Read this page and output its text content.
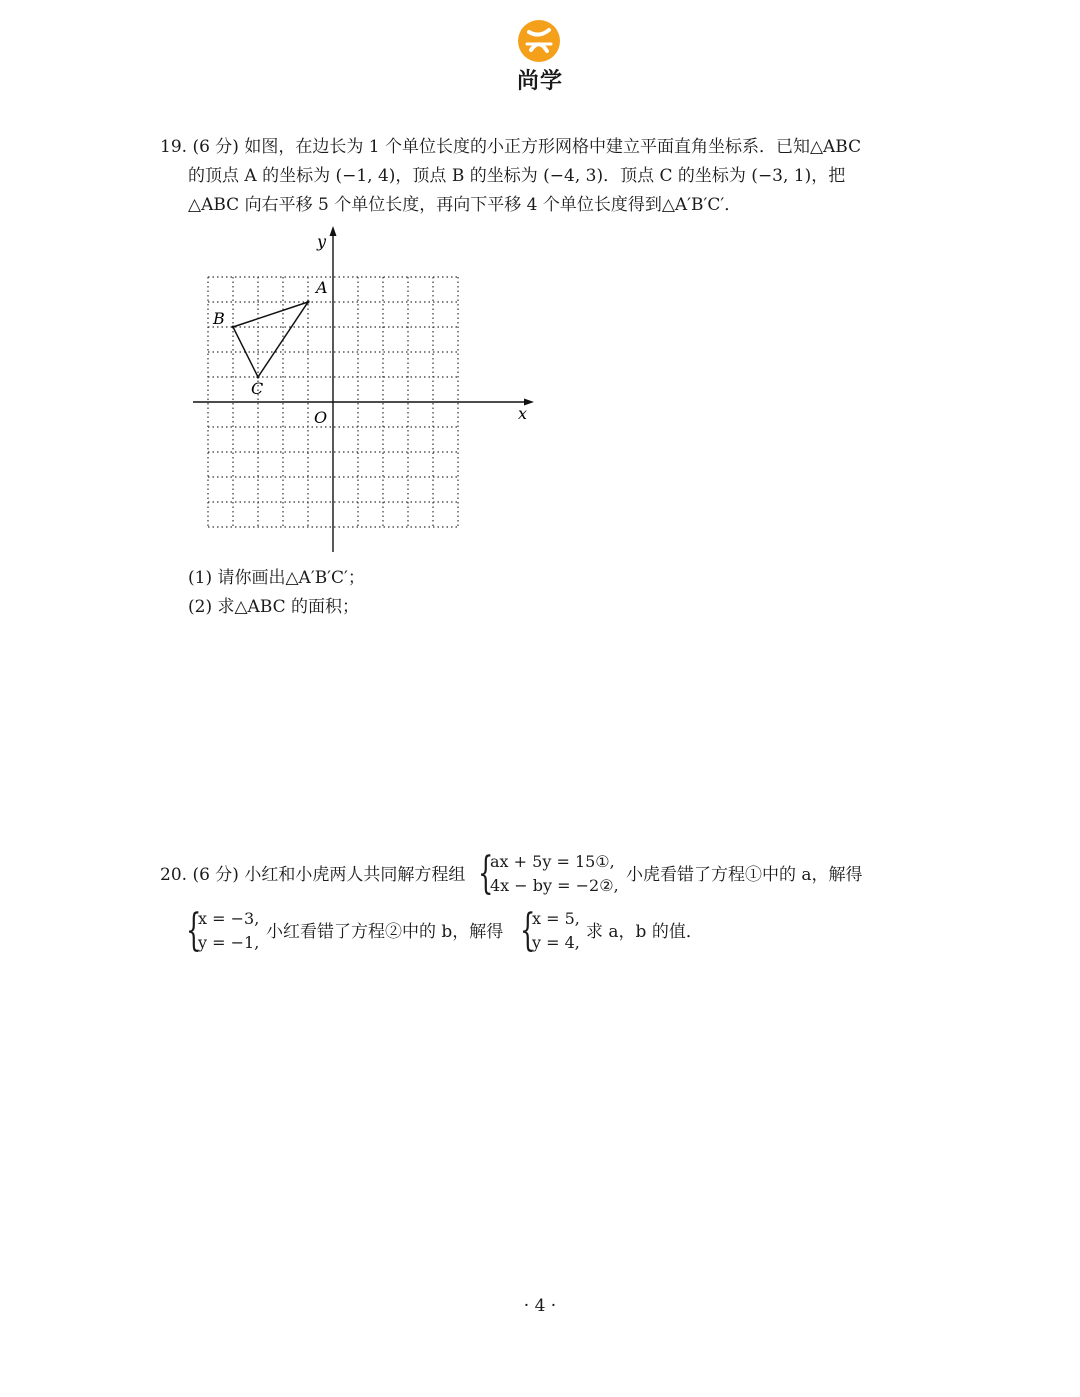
尚学
19. (6 分) 如图，在边长为 1 个单位长度的小正方形网格中建立平面直角坐标系．已知△ABC
的顶点 A 的坐标为 (−1, 4)，顶点 B 的坐标为 (−4, 3)．顶点 C 的坐标为 (−3, 1)，把
△ABC 向右平移 5 个单位长度，再向下平移 4 个单位长度得到△A′B′C′．
x
y
O
A
B
C
(1) 请你画出△A′B′C′；
(2) 求△ABC 的面积；
20. (6 分) 小红和小虎两人共同解方程组 {
ax + 5y = 15①,
4x − by = −2②,
小虎看错了方程①中的 a，解得
{
x = −3,
y = −1,
小红看错了方程②中的 b，解得 {
x = 5,
y = 4,
求 a，b 的值．
· 4 ·
